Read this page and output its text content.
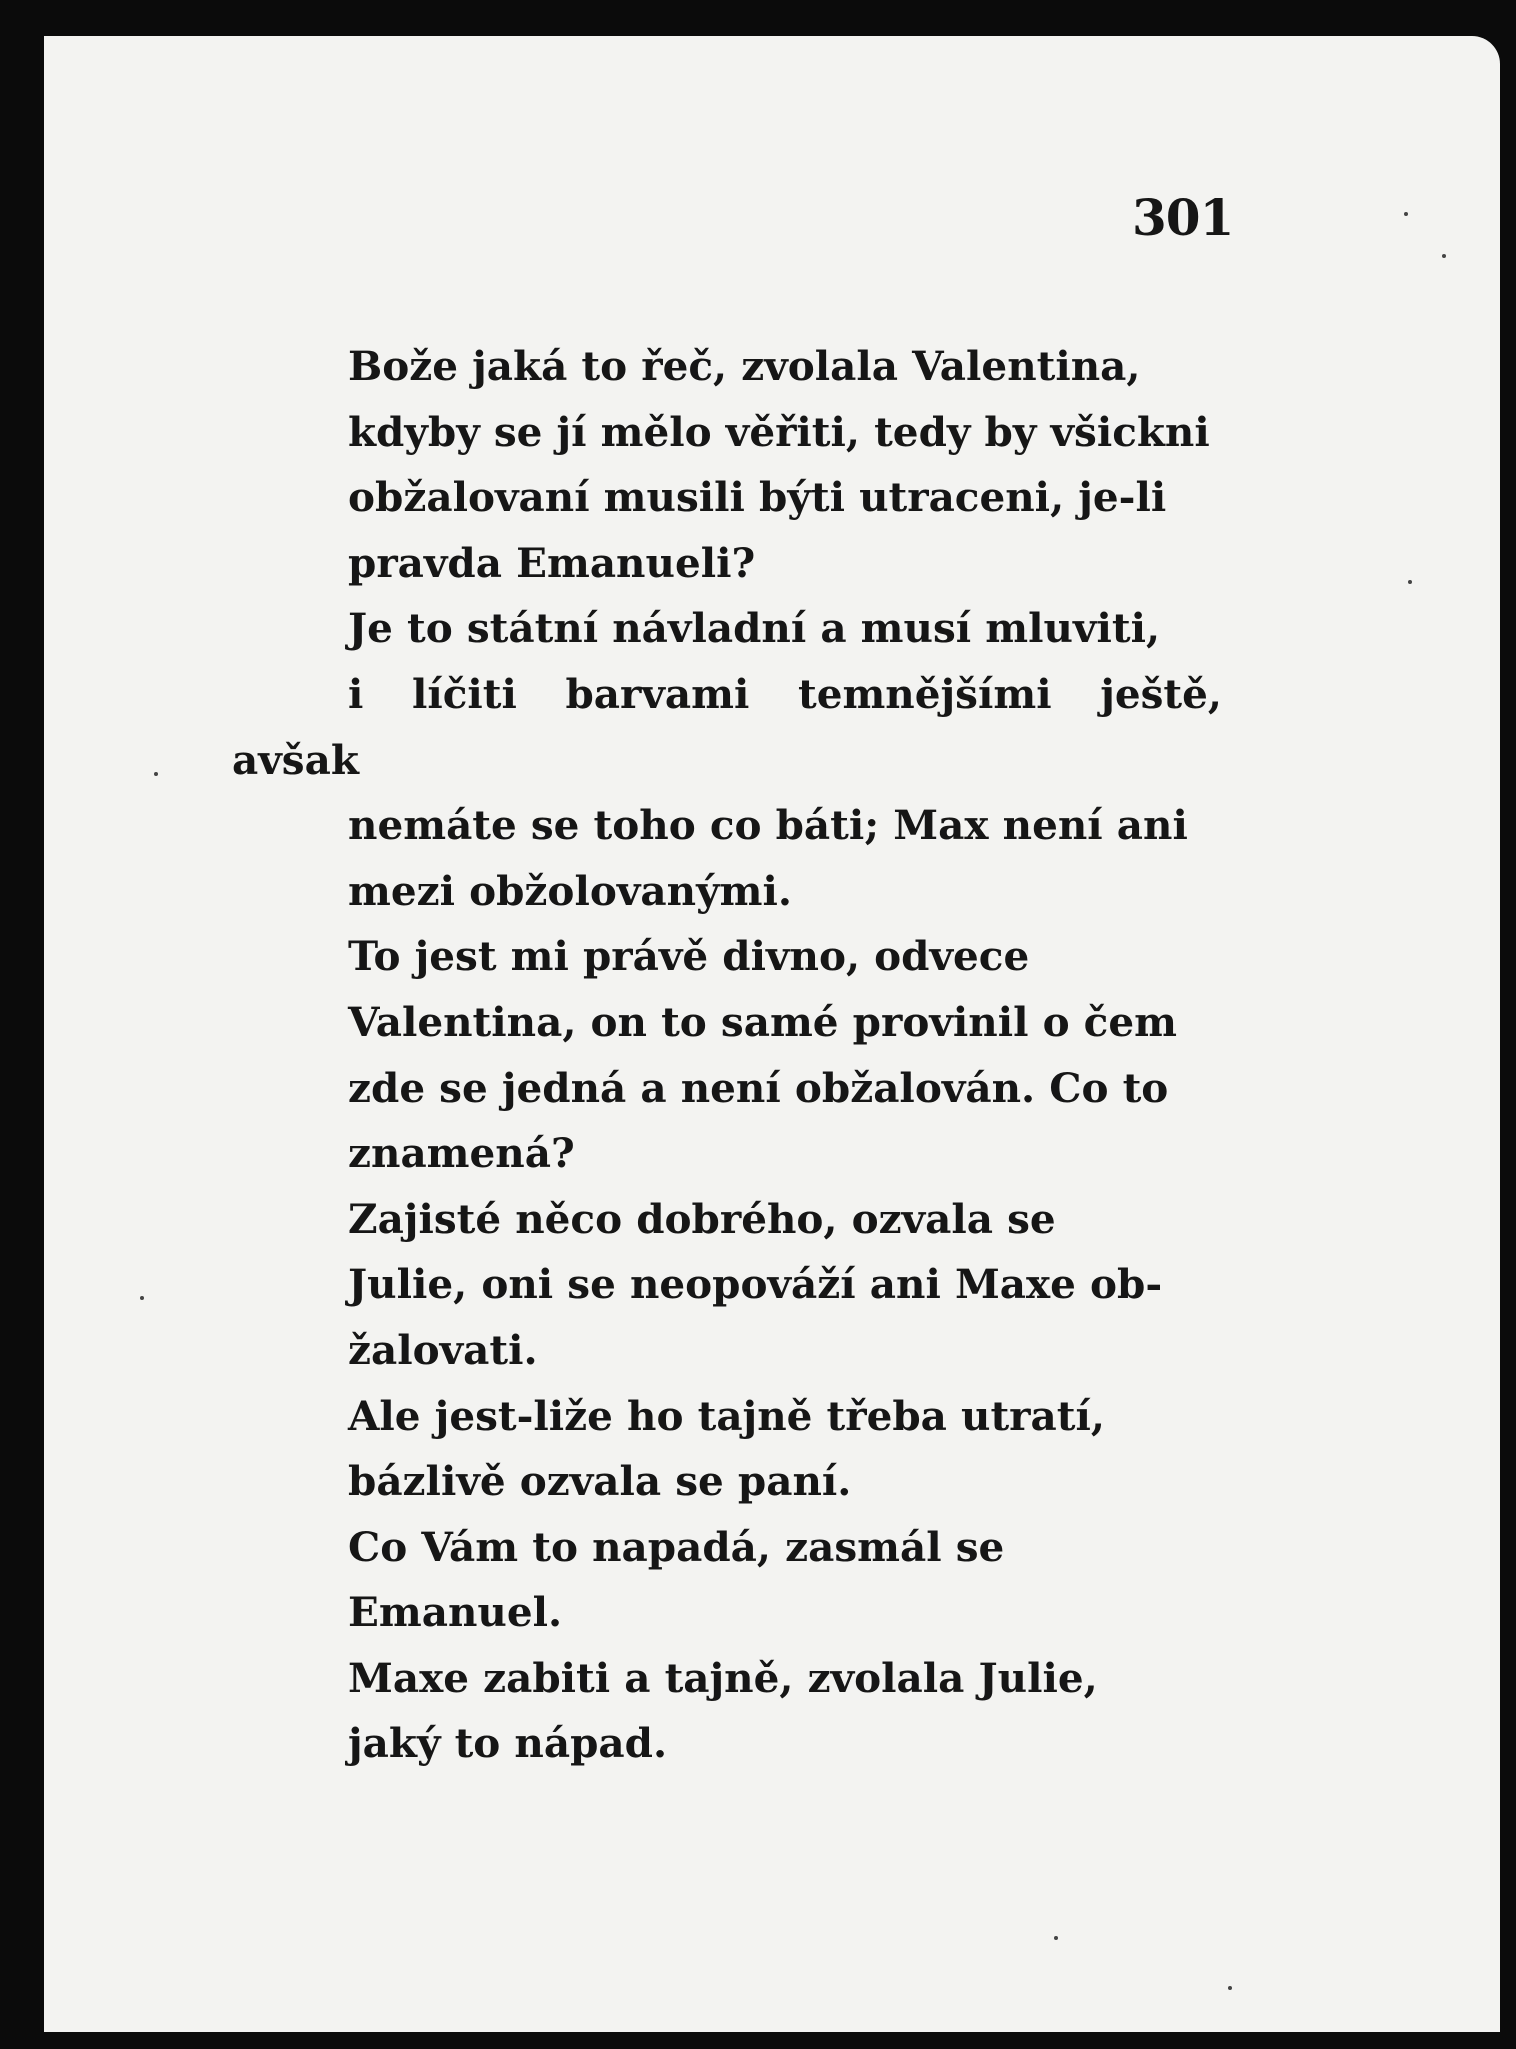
301

Bože jaká to řeč, zvolala Valentina,
kdyby se jí mělo věřiti, tedy by všickni
obžalovaní musili býti utraceni, je-li
pravda Emanueli?

Je to státní návladní a musí mluviti,
i líčiti barvami temnějšími ještě, avšak
nemáte se toho co báti; Max není ani
mezi obžolovanými.

To jest mi právě divno, odvece
Valentina, on to samé provinil o čem
zde se jedná a není obžalován. Co to
znamená?

Zajisté něco dobrého, ozvala se
Julie, oni se neopováží ani Maxe ob-
žalovati.

Ale jest-liže ho tajně třeba utratí,
bázlivě ozvala se paní.

Co Vám to napadá, zasmál se
Emanuel.

Maxe zabiti a tajně, zvolala Julie,
jaký to nápad.
